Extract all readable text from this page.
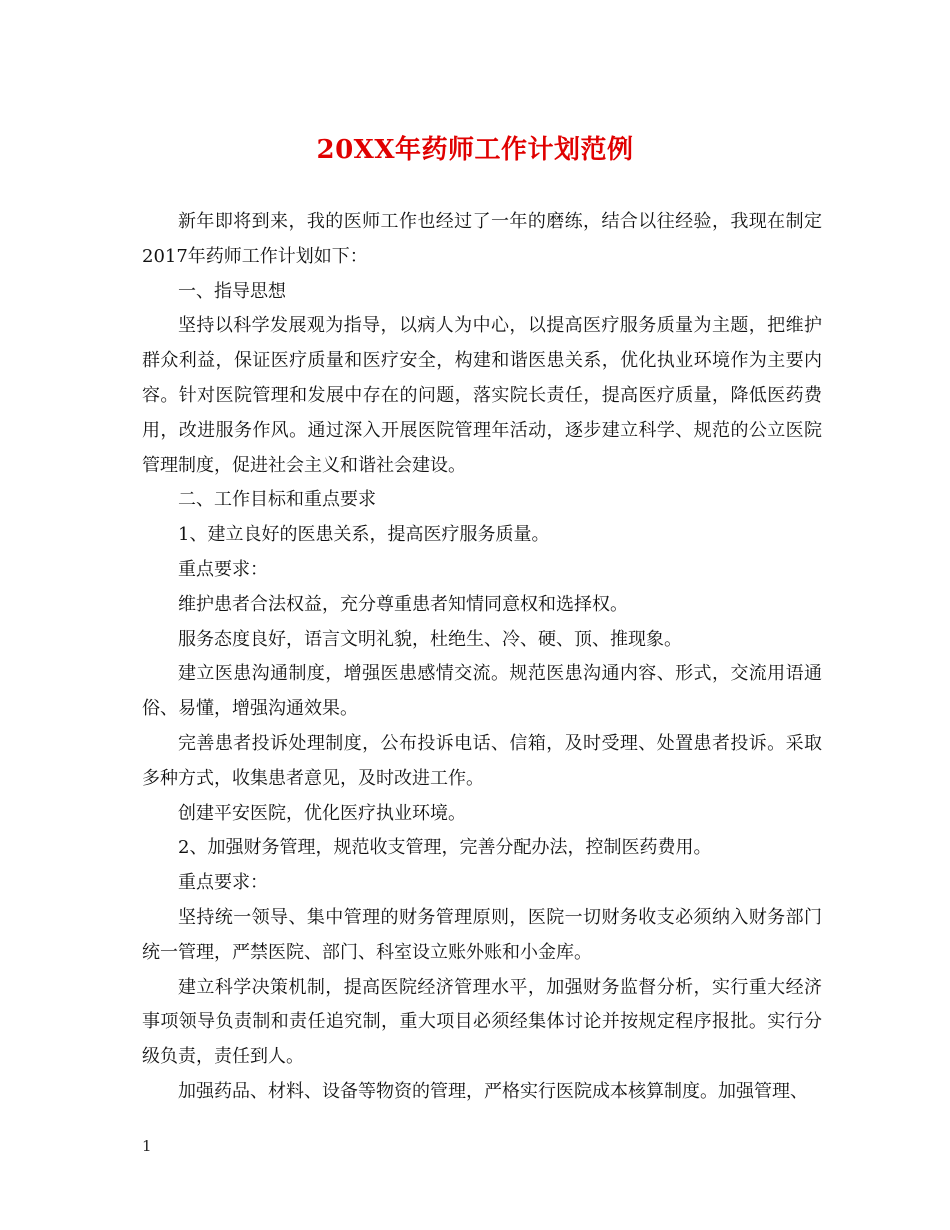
20XX年药师工作计划范例

新年即将到来，我的医师工作也经过了一年的磨练，结合以往经验，我现在制定2017年药师工作计划如下：

一、指导思想

坚持以科学发展观为指导，以病人为中心，以提高医疗服务质量为主题，把维护群众利益，保证医疗质量和医疗安全，构建和谐医患关系，优化执业环境作为主要内容。针对医院管理和发展中存在的问题，落实院长责任，提高医疗质量，降低医药费用，改进服务作风。通过深入开展医院管理年活动，逐步建立科学、规范的公立医院管理制度，促进社会主义和谐社会建设。

二、工作目标和重点要求

1、建立良好的医患关系，提高医疗服务质量。

重点要求：

维护患者合法权益，充分尊重患者知情同意权和选择权。

服务态度良好，语言文明礼貌，杜绝生、冷、硬、顶、推现象。

建立医患沟通制度，增强医患感情交流。规范医患沟通内容、形式，交流用语通俗、易懂，增强沟通效果。

完善患者投诉处理制度，公布投诉电话、信箱，及时受理、处置患者投诉。采取多种方式，收集患者意见，及时改进工作。

创建平安医院，优化医疗执业环境。

2、加强财务管理，规范收支管理，完善分配办法，控制医药费用。

重点要求：

坚持统一领导、集中管理的财务管理原则，医院一切财务收支必须纳入财务部门统一管理，严禁医院、部门、科室设立账外账和小金库。

建立科学决策机制，提高医院经济管理水平，加强财务监督分析，实行重大经济事项领导负责制和责任追究制，重大项目必须经集体讨论并按规定程序报批。实行分级负责，责任到人。

加强药品、材料、设备等物资的管理，严格实行医院成本核算制度。加强管理、

1
